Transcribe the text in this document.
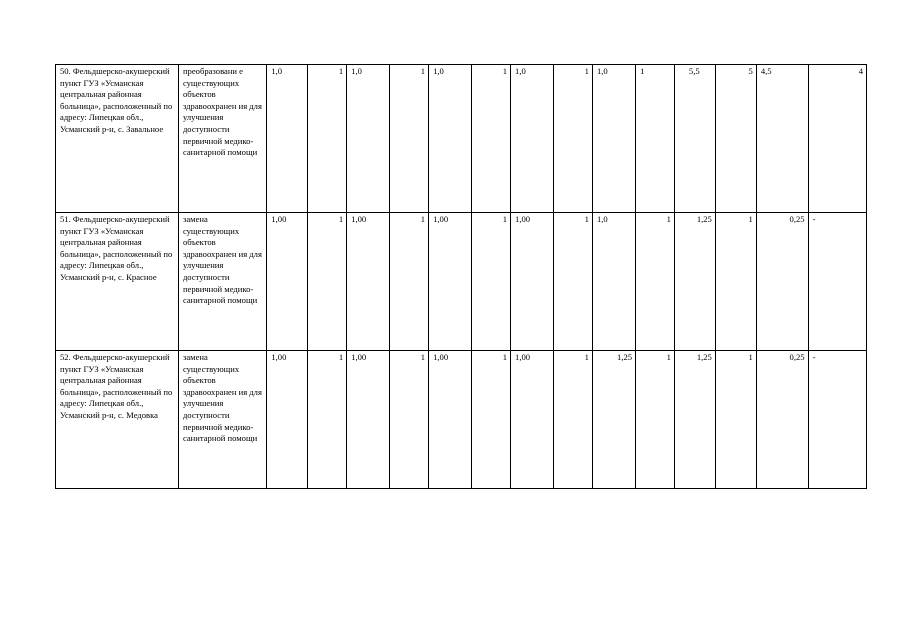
50. Фельдшерско-акушерский пункт ГУЗ «Усманская центральная районная больница», расположенный по адресу: Липецкая обл., Усманский р-н, с. Завальное	преобразовани е существующих объектов здравоохранен ия для улучшения доступности первичной медико-санитарной помощи	1,0	1	1,0	1	1,0	1	1,0	1	1,0	1	5,5	5	4,5	4
51. Фельдшерско-акушерский пункт ГУЗ «Усманская центральная районная больница», расположенный по адресу: Липецкая обл., Усманский р-н, с. Красное	замена существующих объектов здравоохранен ия для улучшения доступности первичной медико-санитарной помощи	1,00	1	1,00	1	1,00	1	1,00	1	1,0	1	1,25	1	0,25	-
52. Фельдшерско-акушерский пункт ГУЗ «Усманская центральная районная больница», расположенный по адресу: Липецкая обл., Усманский р-н, с. Медовка	замена существующих объектов здравоохранен ия для улучшения доступности первичной медико-санитарной помощи	1,00	1	1,00	1	1,00	1	1,00	1	1,25	1	1,25	1	0,25	-
